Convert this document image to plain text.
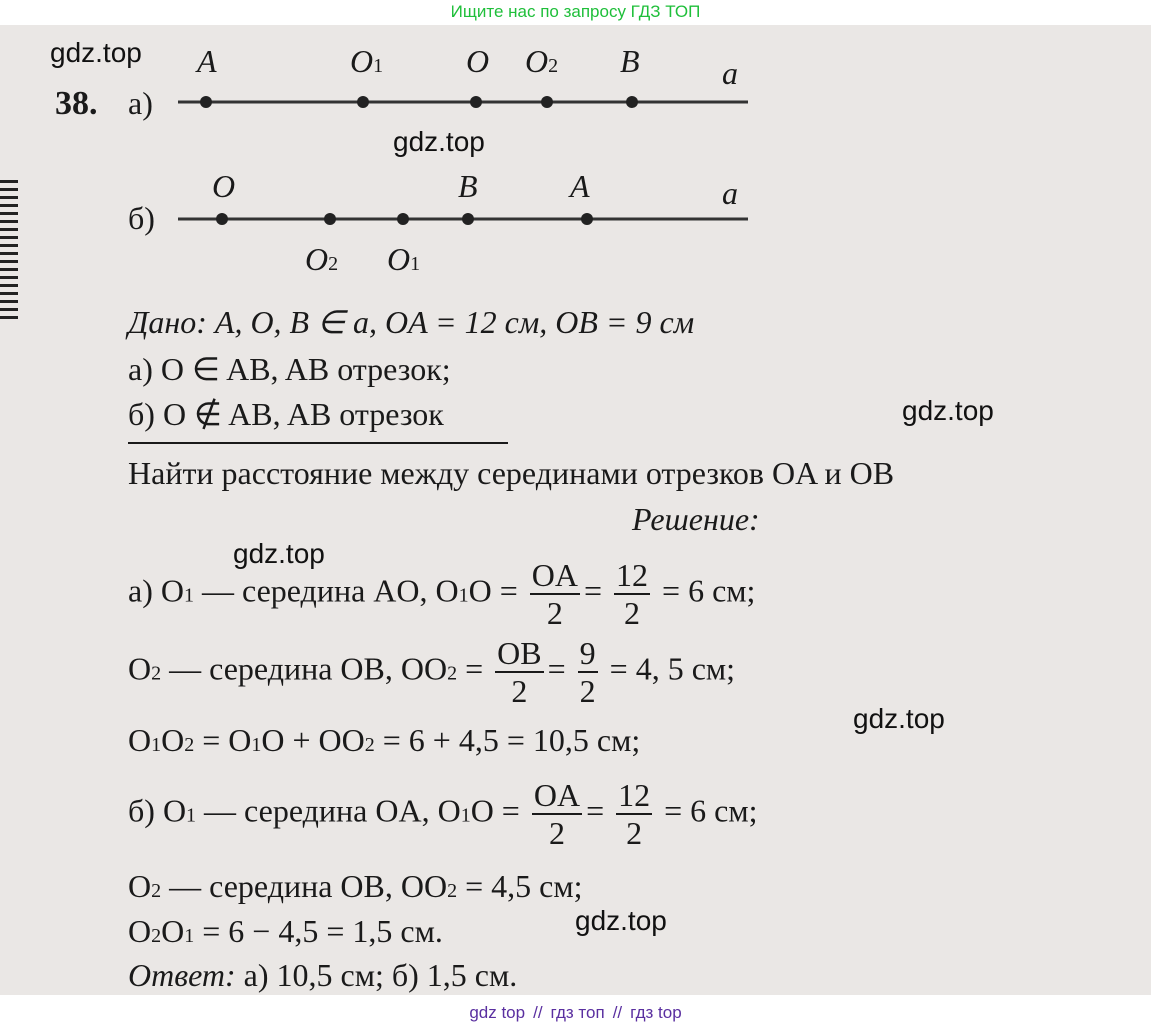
Ищите нас по запросу ГДЗ ТОП
gdz.top
gdz.top
gdz.top
gdz.top
gdz.top
gdz.top
38. а)
A	O1	O O2 B	a
б)
O	B	A	a
O2 O1
Дано: A, O, B ∈ a, OA = 12 см, OB = 9 см
а) O ∈ AB, AB отрезок;
б) O ∉ AB, AB отрезок
Найти расстояние между серединами отрезков OA и OB
Решение:
а) O1 — середина AO, $O1O = \frac{OA}{2} = \frac{12}{2} = 6$ см;
O2 — середина OB, $OO2 = \frac{OB}{2} = \frac{9}{2} = 4$, 5 см;
O1O2 = O1O + OO2 = 6 + 4,5 = 10,5 см;
б) O1 — середина OA, $O1O = \frac{OA}{2} = \frac{12}{2} = 6$ см;
O2 — середина OB, OO2 = 4,5 см;
O2O1 = 6 − 4,5 = 1,5 см.
Ответ: а) 10,5 см; б) 1,5 см.
gdz top // гдз топ // гдз top
